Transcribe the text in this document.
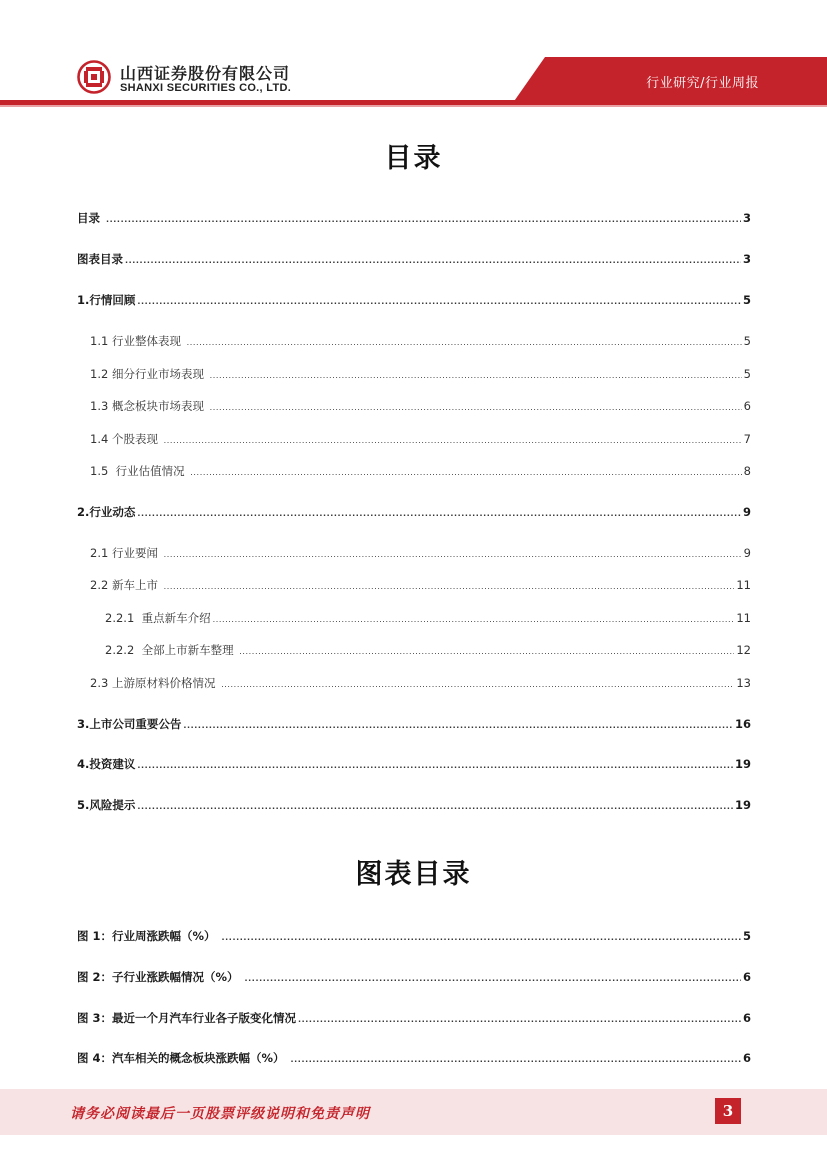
山西证券股份有限公司
SHANXI SECURITIES CO., LTD.	行业研究/行业周报
目录
目录 .....	3
图表目录 .....	3
1.行情回顾 .....	5
1.1 行业整体表现 .....	5
1.2 细分行业市场表现 .....	5
1.3 概念板块市场表现 .....	6
1.4 个股表现 .....	7
1.5  行业估值情况 .....	8
2.行业动态 .....	9
2.1 行业要闻 .....	9
2.2 新车上市 .....	11
2.2.1  重点新车介绍 .....	11
2.2.2  全部上市新车整理 .....	12
2.3 上游原材料价格情况 .....	13
3.上市公司重要公告 .....	16
4.投资建议 .....	19
5.风险提示 .....	19
图表目录
图 1：行业周涨跌幅（%） .....	5
图 2：子行业涨跌幅情况（%） .....	6
图 3：最近一个月汽车行业各子版变化情况 .....	6
图 4：汽车相关的概念板块涨跌幅（%） .....	6
请务必阅读最后一页股票评级说明和免责声明	3
